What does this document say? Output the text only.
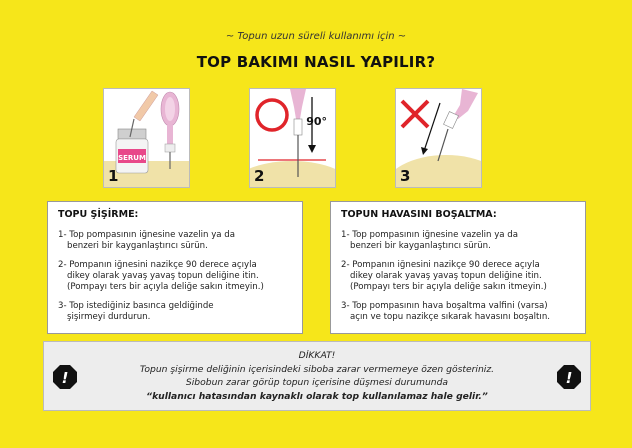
~ Topun uzun süreli kullanımı için ~
TOP BAKIMI NASIL YAPILIR?
SERUM
1
90°
2	3
TOPU ŞİŞİRME:
1- Top pompasının iğnesine vazelin ya da
benzeri bir kayganlaştırıcı sürün.
2- Pompanın iğnesini nazikçe 90 derece açıyla
dikey olarak yavaş yavaş topun deliğine itin.
(Pompayı ters bir açıyla deliğe sakın itmeyin.)
3- Top istediğiniz basınca geldiğinde
şişirmeyi durdurun.
TOPUN HAVASINI BOŞALTMA:
1- Top pompasının iğnesine vazelin ya da
benzeri bir kayganlaştırıcı sürün.
2- Pompanın iğnesini nazikçe 90 derece açıyla
dikey olarak yavaş yavaş topun deliğine itin.
(Pompayı ters bir açıyla deliğe sakın itmeyin.)
3- Top pompasının hava boşaltma valfini (varsa)
açın ve topu nazikçe sıkarak havasını boşaltın.
!
DİKKAT!
Topun şişirme deliğinin içerisindeki siboba zarar vermemeye özen gösteriniz.
Sibobun zarar görüp topun içerisine düşmesi durumunda
“kullanıcı hatasından kaynaklı olarak top kullanılamaz hale gelir.”
!
